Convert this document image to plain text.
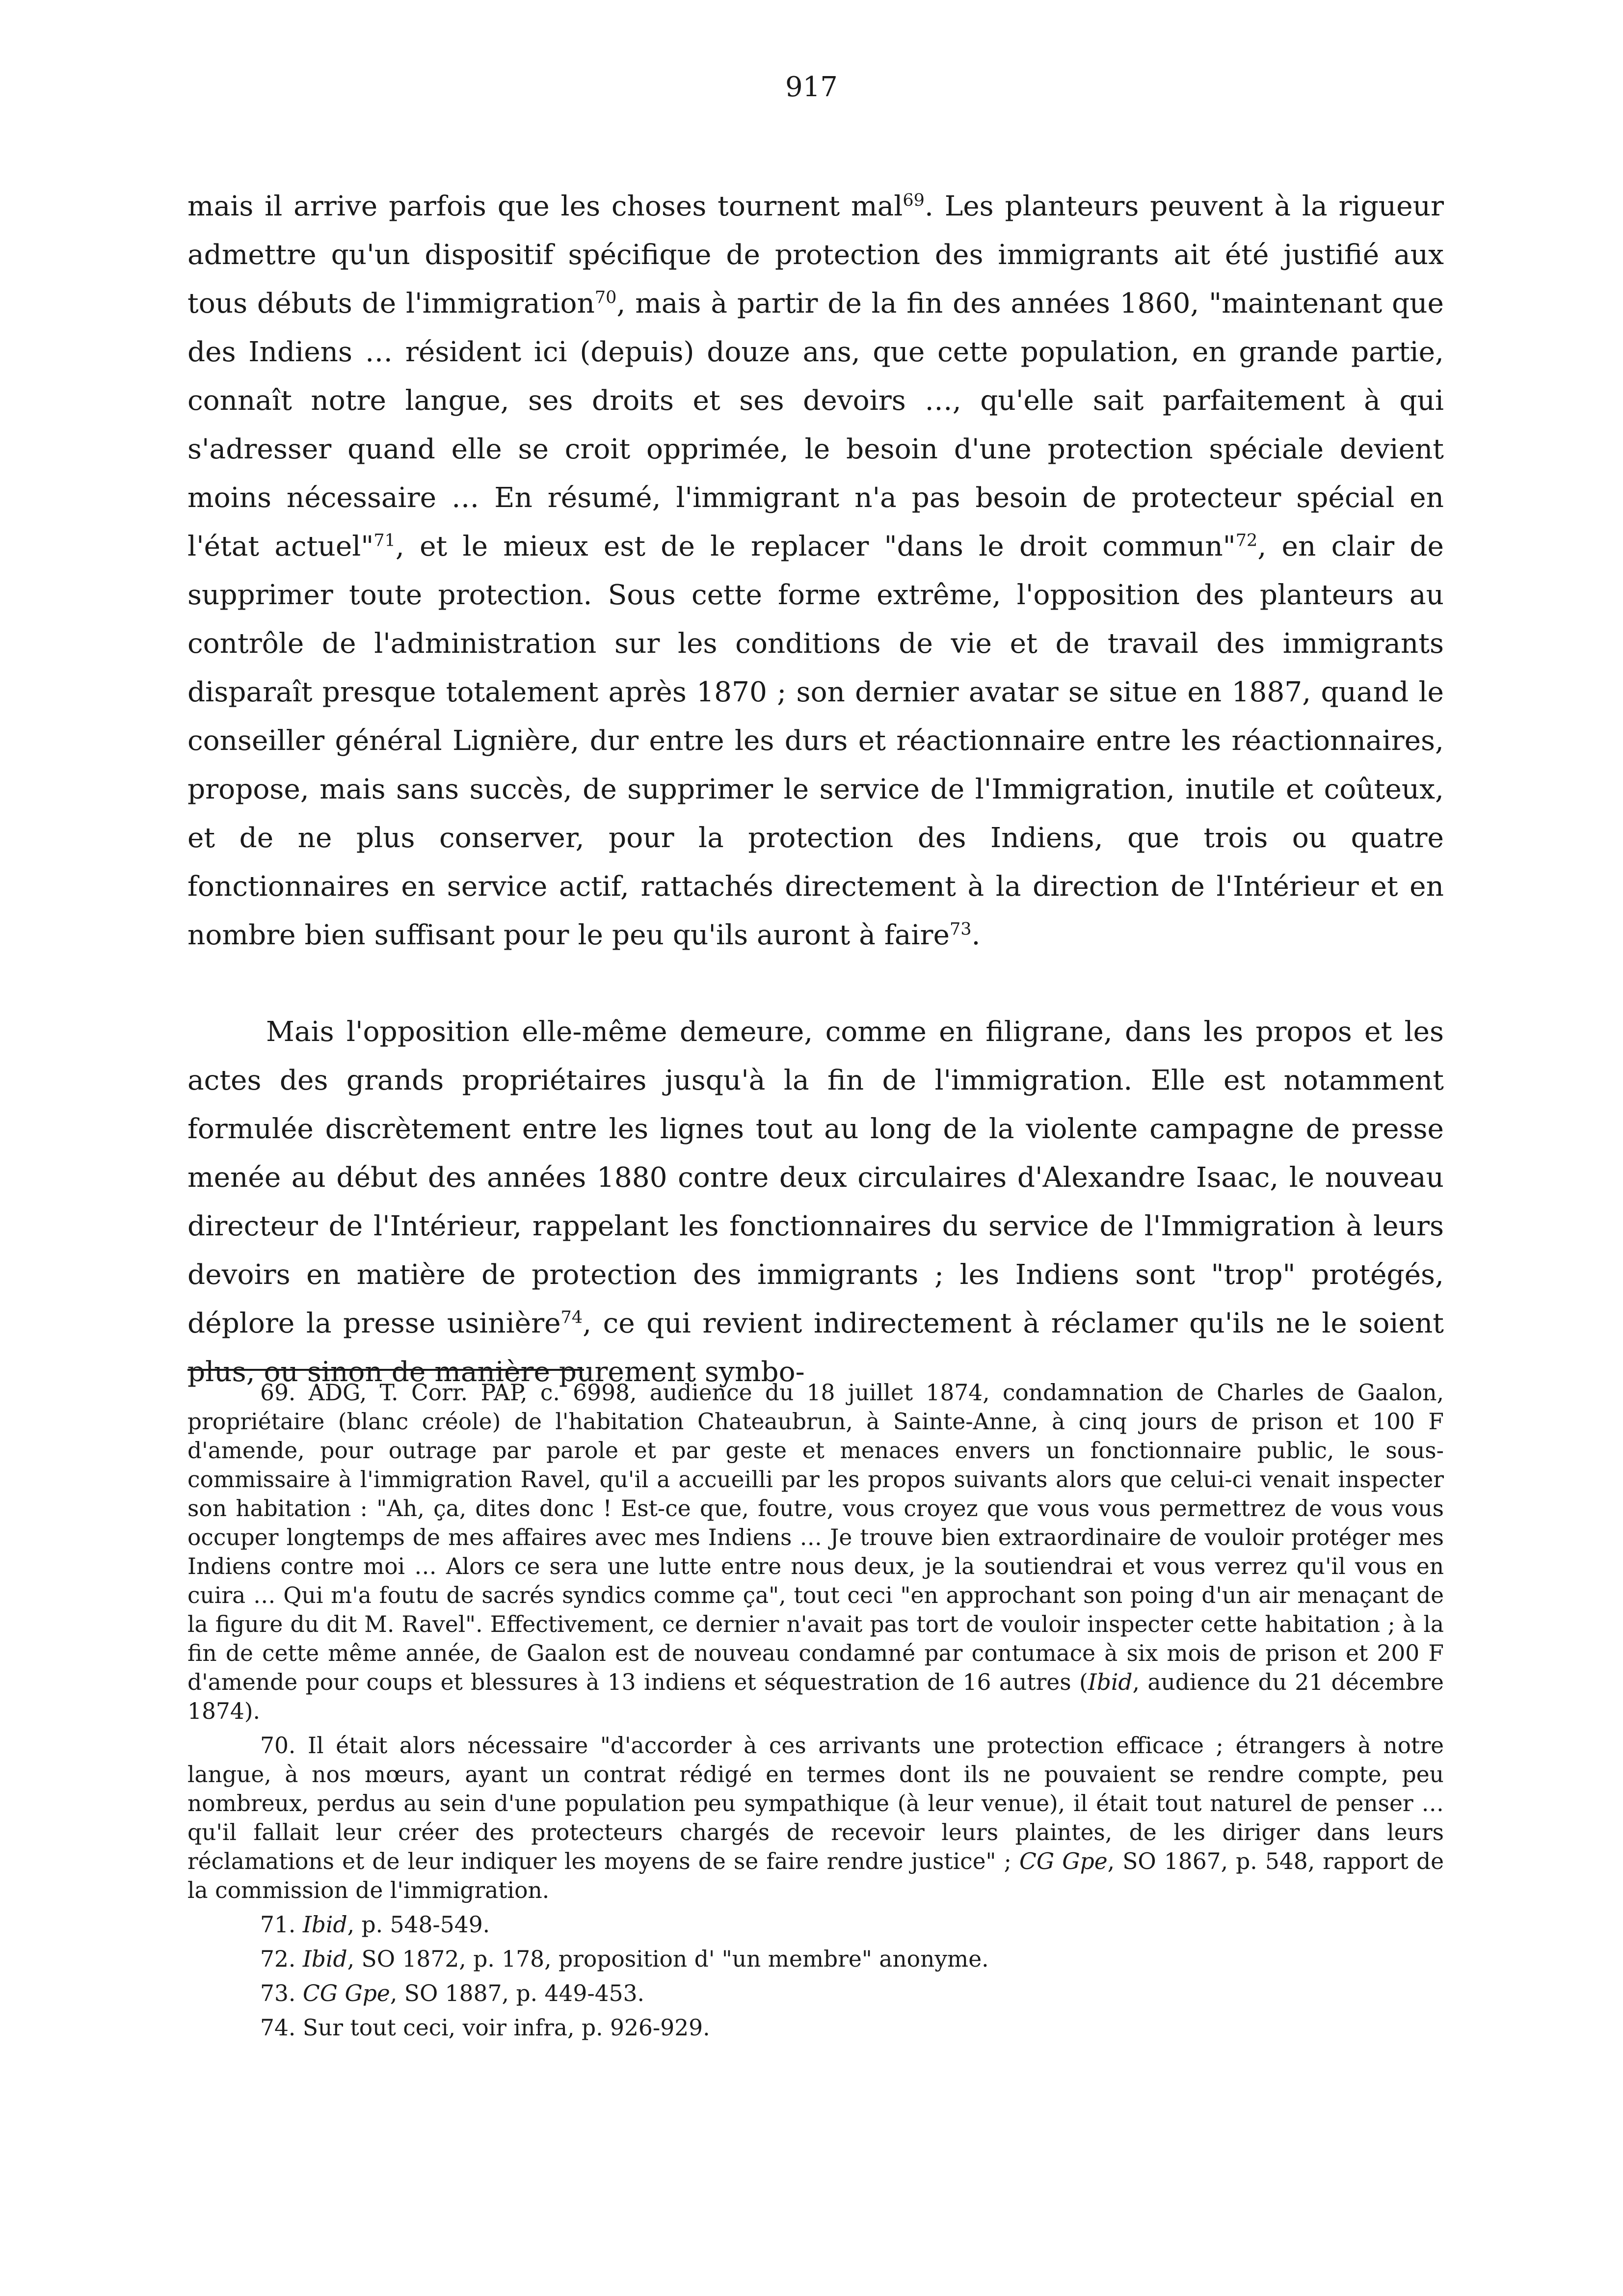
917

mais il arrive parfois que les choses tournent mal$^{69}$. Les planteurs peuvent à la rigueur admettre qu'un dispositif spécifique de protection des immigrants ait été justifié aux tous débuts de l'immigration$^{70}$, mais à partir de la fin des années 1860, "maintenant que des Indiens … résident ici (depuis) douze ans, que cette population, en grande partie, connaît notre langue, ses droits et ses devoirs …, qu'elle sait parfaitement à qui s'adresser quand elle se croit opprimée, le besoin d'une protection spéciale devient moins nécessaire … En résumé, l'immigrant n'a pas besoin de protecteur spécial en l'état actuel"$^{71}$, et le mieux est de le replacer "dans le droit commun"$^{72}$, en clair de supprimer toute protection. Sous cette forme extrême, l'opposition des planteurs au contrôle de l'administration sur les conditions de vie et de travail des immigrants disparaît presque totalement après 1870 ; son dernier avatar se situe en 1887, quand le conseiller général Lignière, dur entre les durs et réactionnaire entre les réactionnaires, propose, mais sans succès, de supprimer le service de l'Immigration, inutile et coûteux, et de ne plus conserver, pour la protection des Indiens, que trois ou quatre fonctionnaires en service actif, rattachés directement à la direction de l'Intérieur et en nombre bien suffisant pour le peu qu'ils auront à faire$^{73}$.

Mais l'opposition elle-même demeure, comme en filigrane, dans les propos et les actes des grands propriétaires jusqu'à la fin de l'immigration. Elle est notamment formulée discrètement entre les lignes tout au long de la violente campagne de presse menée au début des années 1880 contre deux circulaires d'Alexandre Isaac, le nouveau directeur de l'Intérieur, rappelant les fonctionnaires du service de l'Immigration à leurs devoirs en matière de protection des immigrants ; les Indiens sont "trop" protégés, déplore la presse usinière$^{74}$, ce qui revient indirectement à réclamer qu'ils ne le soient plus, ou sinon de manière purement symbo-

69. ADG, T. Corr. PAP, c. 6998, audience du 18 juillet 1874, condamnation de Charles de Gaalon, propriétaire (blanc créole) de l'habitation Chateaubrun, à Sainte-Anne, à cinq jours de prison et 100 F d'amende, pour outrage par parole et par geste et menaces envers un fonctionnaire public, le sous-commissaire à l'immigration Ravel, qu'il a accueilli par les propos suivants alors que celui-ci venait inspecter son habitation : "Ah, ça, dites donc ! Est-ce que, foutre, vous croyez que vous vous permettrez de vous vous occuper longtemps de mes affaires avec mes Indiens … Je trouve bien extraordinaire de vouloir protéger mes Indiens contre moi … Alors ce sera une lutte entre nous deux, je la soutiendrai et vous verrez qu'il vous en cuira … Qui m'a foutu de sacrés syndics comme ça", tout ceci "en approchant son poing d'un air menaçant de la figure du dit M. Ravel". Effectivement, ce dernier n'avait pas tort de vouloir inspecter cette habitation ; à la fin de cette même année, de Gaalon est de nouveau condamné par contumace à six mois de prison et 200 F d'amende pour coups et blessures à 13 indiens et séquestration de 16 autres (Ibid, audience du 21 décembre 1874).

70. Il était alors nécessaire "d'accorder à ces arrivants une protection efficace ; étrangers à notre langue, à nos mœurs, ayant un contrat rédigé en termes dont ils ne pouvaient se rendre compte, peu nombreux, perdus au sein d'une population peu sympathique (à leur venue), il était tout naturel de penser … qu'il fallait leur créer des protecteurs chargés de recevoir leurs plaintes, de les diriger dans leurs réclamations et de leur indiquer les moyens de se faire rendre justice" ; CG Gpe, SO 1867, p. 548, rapport de la commission de l'immigration.

71. Ibid, p. 548-549.

72. Ibid, SO 1872, p. 178, proposition d' "un membre" anonyme.

73. CG Gpe, SO 1887, p. 449-453.

74. Sur tout ceci, voir infra, p. 926-929.
